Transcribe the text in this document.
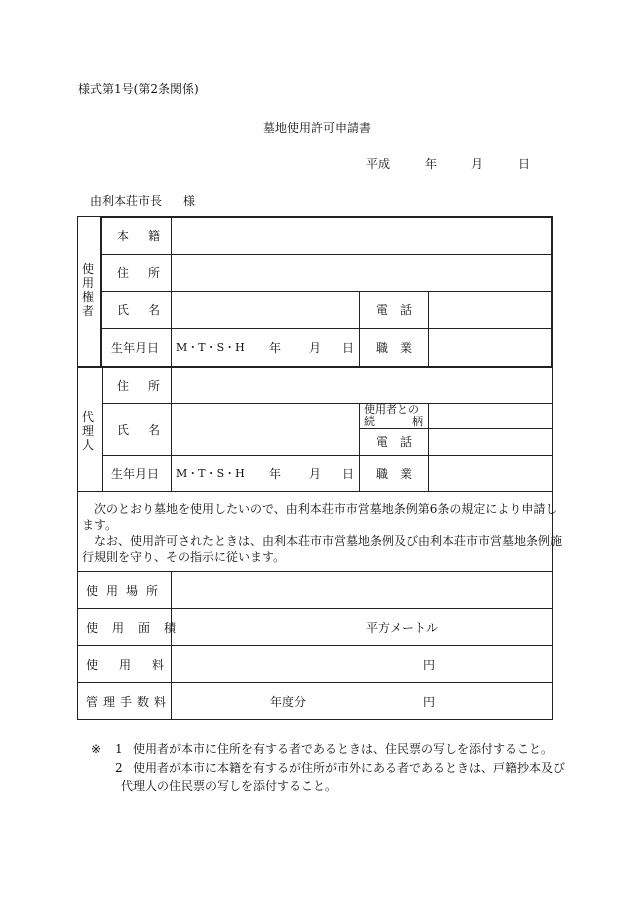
様式第1号(第2条関係)
墓地使用許可申請書
平成	年	月	日
由利本荘市長 様
使
用
権
者
本 籍
住 所
氏 名	電 話
生年月日 M・T・S・H 年 月 日 職 業
代
理
人
住 所
氏 名
使用者との
続	柄
電 話
生年月日 M・T・S・H 年 月 日 職 業
次のとおり墓地を使用したいので、由利本荘市市営墓地条例第6条の規定により申請し
ます。
なお、使用許可されたときは、由利本荘市市営墓地条例及び由利本荘市市営墓地条例施
行規則を守り、その指示に従います。
使用場所
使用面積	平方メートル
使 用 料	円
管理手数料	年度分	円
※ 1 使用者が本市に住所を有する者であるときは、住民票の写しを添付すること。
2 使用者が本市に本籍を有するが住所が市外にある者であるときは、戸籍抄本及び
代理人の住民票の写しを添付すること。
